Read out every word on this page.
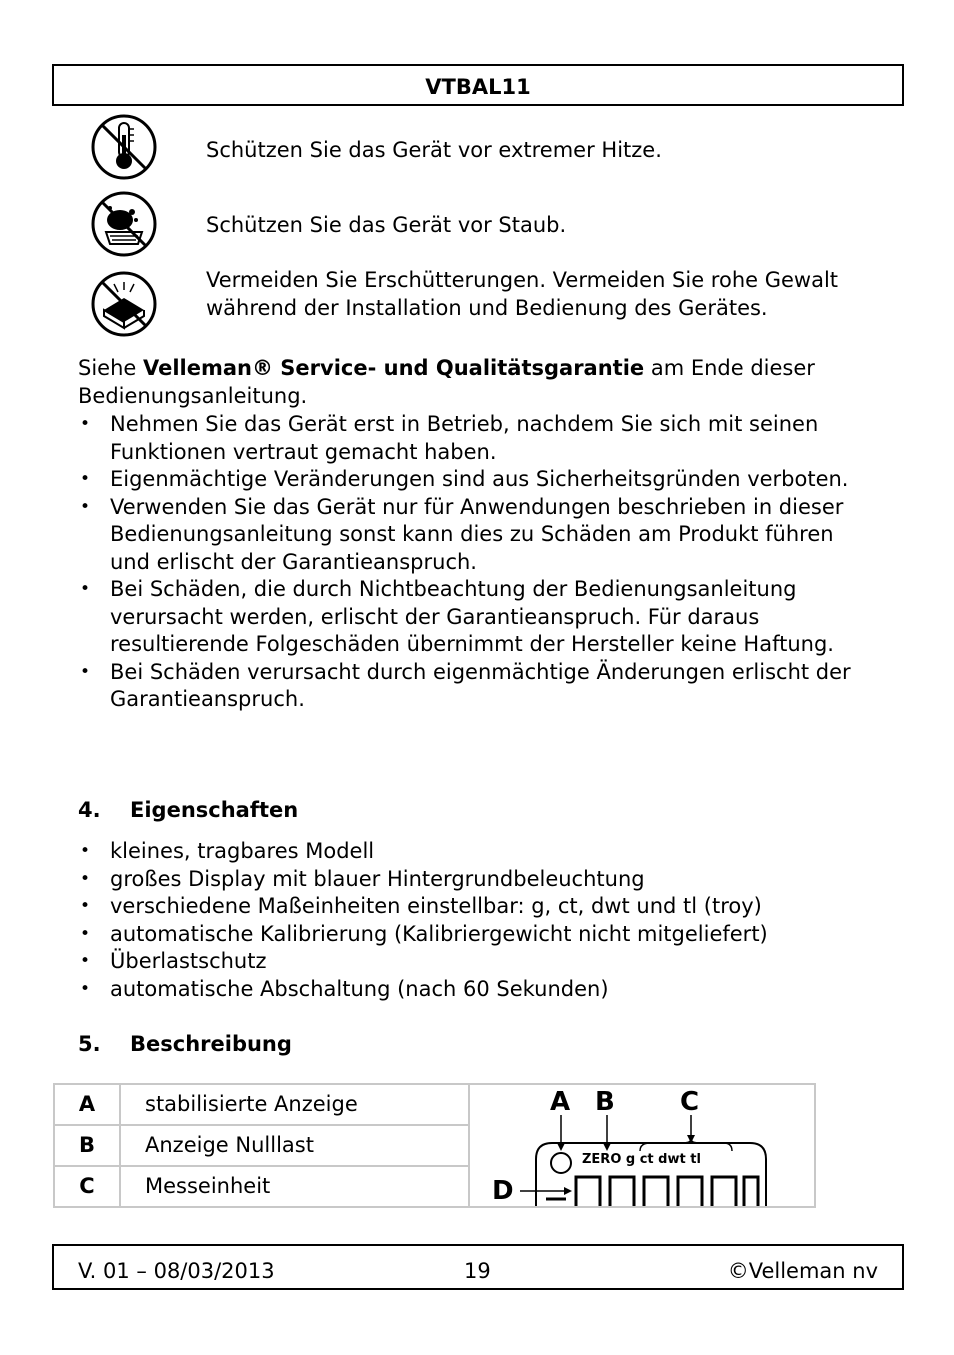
VTBAL11
Schützen Sie das Gerät vor extremer Hitze.
Schützen Sie das Gerät vor Staub.
Vermeiden Sie Erschütterungen. Vermeiden Sie rohe Gewalt während der Installation und Bedienung des Gerätes.
Siehe Velleman® Service- und Qualitätsgarantie am Ende dieser Bedienungsanleitung.
• Nehmen Sie das Gerät erst in Betrieb, nachdem Sie sich mit seinen Funktionen vertraut gemacht haben.
• Eigenmächtige Veränderungen sind aus Sicherheitsgründen verboten.
• Verwenden Sie das Gerät nur für Anwendungen beschrieben in dieser Bedienungsanleitung sonst kann dies zu Schäden am Produkt führen und erlischt der Garantieanspruch.
• Bei Schäden, die durch Nichtbeachtung der Bedienungsanleitung verursacht werden, erlischt der Garantieanspruch. Für daraus resultierende Folgeschäden übernimmt der Hersteller keine Haftung.
• Bei Schäden verursacht durch eigenmächtige Änderungen erlischt der Garantieanspruch.
4. Eigenschaften
• kleines, tragbares Modell
• großes Display mit blauer Hintergrundbeleuchtung
• verschiedene Maßeinheiten einstellbar: g, ct, dwt und tl (troy)
• automatische Kalibrierung (Kalibriergewicht nicht mitgeliefert)
• Überlastschutz
• automatische Abschaltung (nach 60 Sekunden)
5. Beschreibung
A	stabilisierte Anzeige	A B C
D
ZERO g ct dwt tl

B	Anzeige Nulllast	
C	Messeinheit	
V. 01 – 08/03/2013	19	©Velleman nv
